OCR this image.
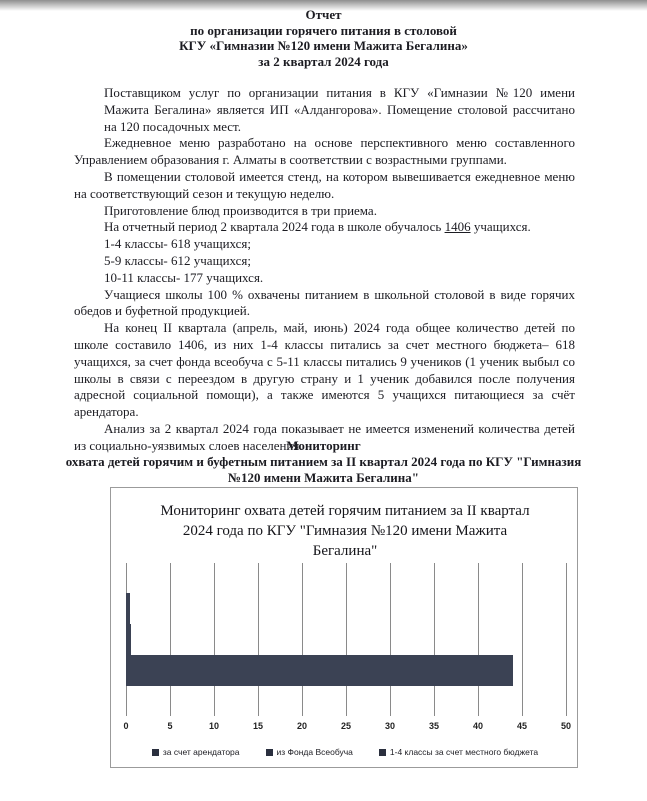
Отчет
по организации горячего питания в столовой
КГУ «Гимназии №120 имени Мажита Бегалина»
за 2 квартал 2024 года

Поставщиком услуг по организации питания в КГУ «Гимназии №120 имени Мажита Бегалина» является ИП «Алдангорова». Помещение столовой рассчитано на 120 посадочных мест.

Ежедневное меню разработано на основе перспективного меню составленного Управлением образования г. Алматы в соответствии с возрастными группами.

В помещении столовой имеется стенд, на котором вывешивается ежедневное меню на соответствующий сезон и текущую неделю.

Приготовление блюд производится в три приема.

На отчетный период 2 квартала 2024 года в школе обучалось 1406 учащихся.

1-4 классы- 618 учащихся;

5-9 классы- 612 учащихся;

10-11 классы- 177 учащихся.

Учащиеся школы 100 % охвачены питанием в школьной столовой в виде горячих обедов и буфетной продукцией.

На конец II квартала (апрель, май, июнь) 2024 года общее количество детей по школе составило 1406, из них 1-4 классы питались за счет местного бюджета– 618 учащихся, за счет фонда всеобуча с 5-11 классы питались 9 учеников (1 ученик выбыл со школы в связи с переездом в другую страну и 1 ученик добавился после получения адресной социальной помощи), а также имеются 5 учащихся питающиеся за счёт арендатора.

Анализ за 2 квартал 2024 года показывает не имеется изменений количества детей из социально-уязвимых слоев населения.

Мониторинг
охвата детей горячим и буфетным питанием за II квартал 2024 года по КГУ "Гимназия
№120 имени Мажита Бегалина"
Мониторинг охвата детей горячим питанием за II квартал 2024 года по КГУ "Гимназия №120 имени Мажита Бегалина"
0	5	10	15	20	25	30	35	40	45	50
за счет арендатора	из Фонда Всеобуча	1-4 классы за счет местного бюджета
